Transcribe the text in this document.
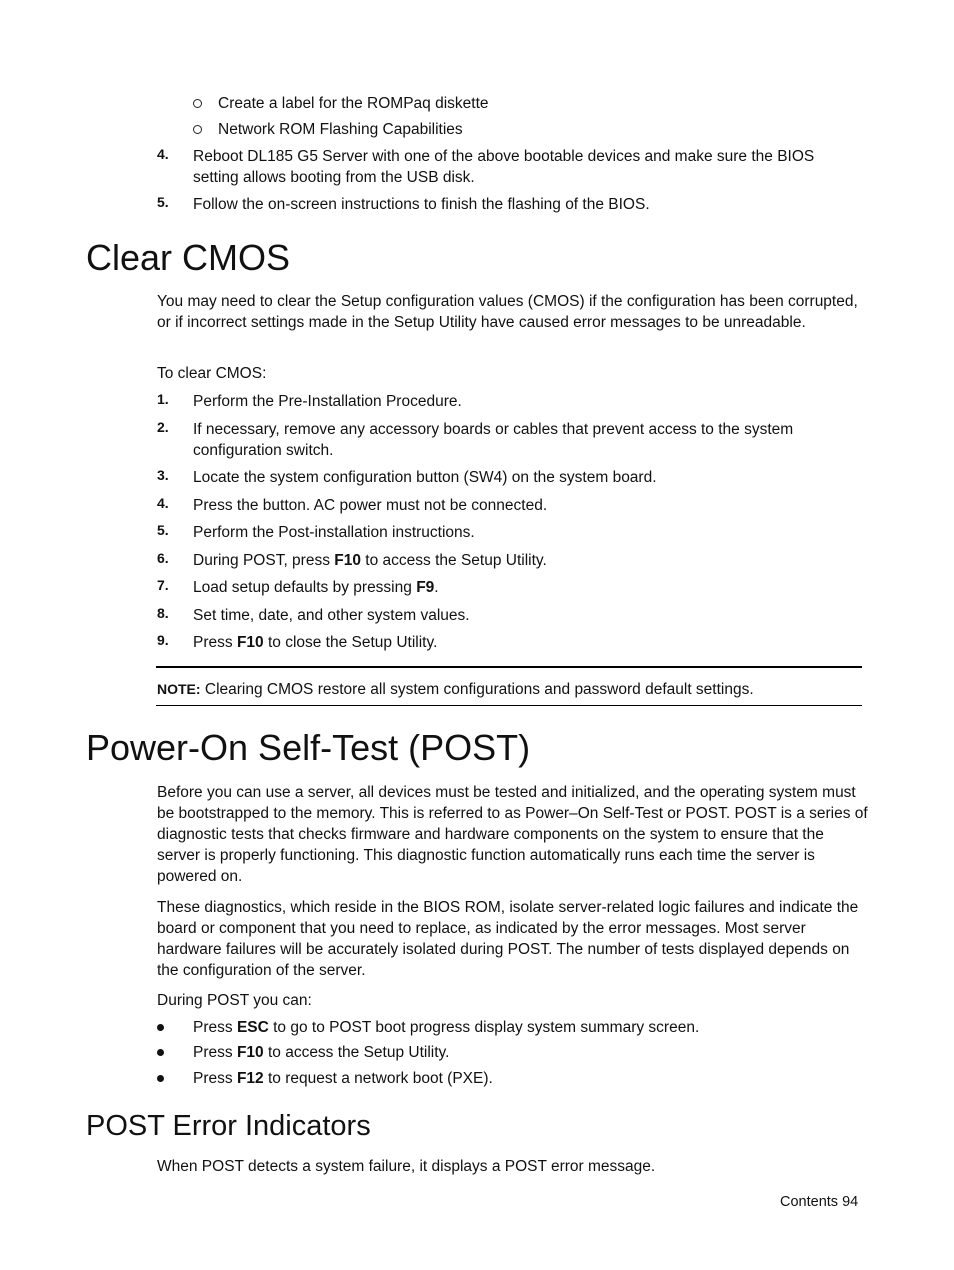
Create a label for the ROMPaq diskette
Network ROM Flashing Capabilities
4. Reboot DL185 G5 Server with one of the above bootable devices and make sure the BIOS setting allows booting from the USB disk.
5. Follow the on-screen instructions to finish the flashing of the BIOS.
Clear CMOS
You may need to clear the Setup configuration values (CMOS) if the configuration has been corrupted, or if incorrect settings made in the Setup Utility have caused error messages to be unreadable.
To clear CMOS:
1. Perform the Pre-Installation Procedure.
2. If necessary, remove any accessory boards or cables that prevent access to the system configuration switch.
3. Locate the system configuration button (SW4) on the system board.
4. Press the button. AC power must not be connected.
5. Perform the Post-installation instructions.
6. During POST, press F10 to access the Setup Utility.
7. Load setup defaults by pressing F9.
8. Set time, date, and other system values.
9. Press F10 to close the Setup Utility.
NOTE: Clearing CMOS restore all system configurations and password default settings.
Power-On Self-Test (POST)
Before you can use a server, all devices must be tested and initialized, and the operating system must be bootstrapped to the memory. This is referred to as Power–On Self-Test or POST. POST is a series of diagnostic tests that checks firmware and hardware components on the system to ensure that the server is properly functioning. This diagnostic function automatically runs each time the server is powered on.
These diagnostics, which reside in the BIOS ROM, isolate server-related logic failures and indicate the board or component that you need to replace, as indicated by the error messages. Most server hardware failures will be accurately isolated during POST. The number of tests displayed depends on the configuration of the server.
During POST you can:
Press ESC to go to POST boot progress display system summary screen.
Press F10 to access the Setup Utility.
Press F12 to request a network boot (PXE).
POST Error Indicators
When POST detects a system failure, it displays a POST error message.
Contents 94
